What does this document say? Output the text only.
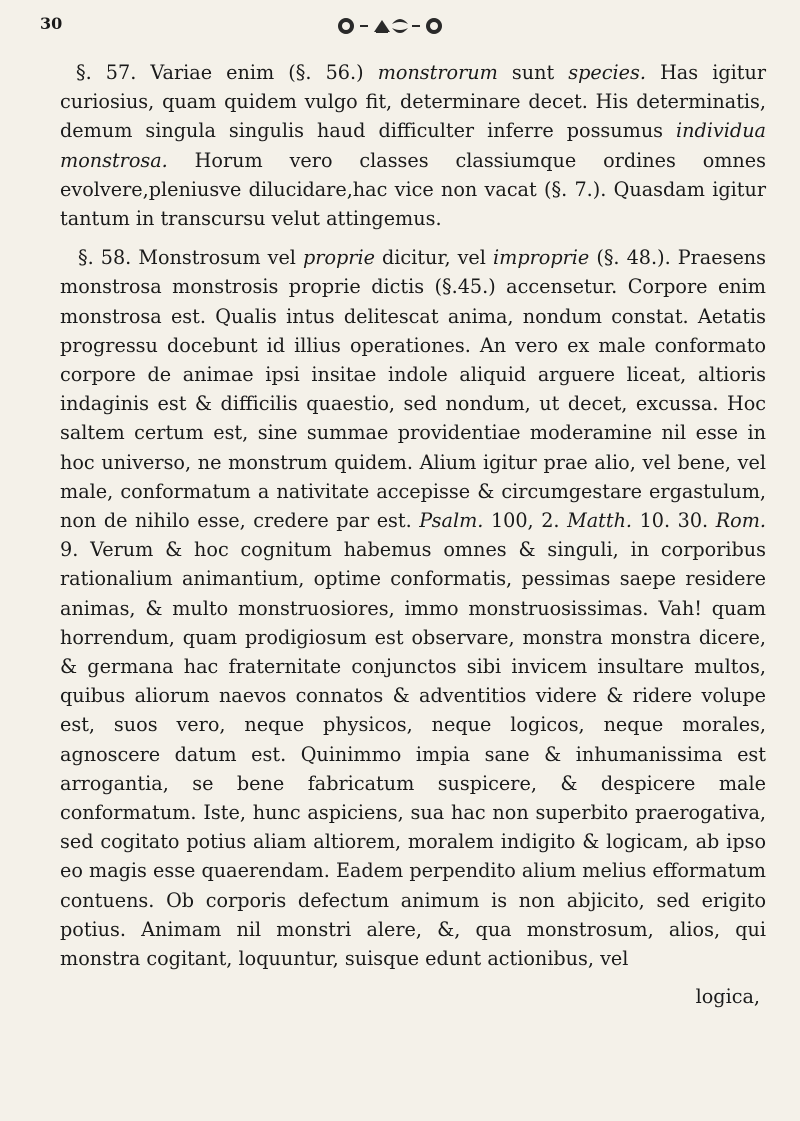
30

§. 57. Variae enim (§. 56.) monstrorum sunt species. Has igitur curiosius, quam quidem vulgo fit, determinare decet. His determinatis, demum singula singulis haud difficulter inferre possumus individua monstrosa. Horum vero classes classiumque ordines omnes evolvere,pleniusve dilucidare,hac vice non vacat (§. 7.). Quasdam igitur tantum in transcursu velut attingemus.

§. 58. Monstrosum vel proprie dicitur, vel improprie (§. 48.). Praesens monstrosa monstrosis proprie dictis (§.45.) accensetur. Corpore enim monstrosa est. Qualis intus delitescat anima, nondum constat. Aetatis progressu docebunt id illius operationes. An vero ex male conformato corpore de animae ipsi insitae indole aliquid arguere liceat, altioris indaginis est & difficilis quaestio, sed nondum, ut decet, excussa. Hoc saltem certum est, sine summae providentiae moderamine nil esse in hoc universo, ne monstrum quidem. Alium igitur prae alio, vel bene, vel male, conformatum a nativitate accepisse & circumgestare ergastulum, non de nihilo esse, credere par est. Psalm. 100, 2. Matth. 10. 30. Rom. 9. Verum & hoc cognitum habemus omnes & singuli, in corporibus rationalium animantium, optime conformatis, pessimas saepe residere animas, & multo monstruosiores, immo monstruosissimas. Vah! quam horrendum, quam prodigiosum est observare, monstra monstra dicere, & germana hac fraternitate conjunctos sibi invicem insultare multos, quibus aliorum naevos connatos & adventitios videre & ridere volupe est, suos vero, neque physicos, neque logicos, neque morales, agnoscere datum est. Quinimmo impia sane & inhumanissima est arrogantia, se bene fabricatum suspicere, & despicere male conformatum. Iste, hunc aspiciens, sua hac non superbito praerogativa, sed cogitato potius aliam altiorem, moralem indigito & logicam, ab ipso eo magis esse quaerendam. Eadem perpendito alium melius efformatum contuens. Ob corporis defectum animum is non abjicito, sed erigito potius. Animam nil monstri alere, &, qua monstrosum, alios, qui monstra cogitant, loquuntur, suisque edunt actionibus, vel

logica,
